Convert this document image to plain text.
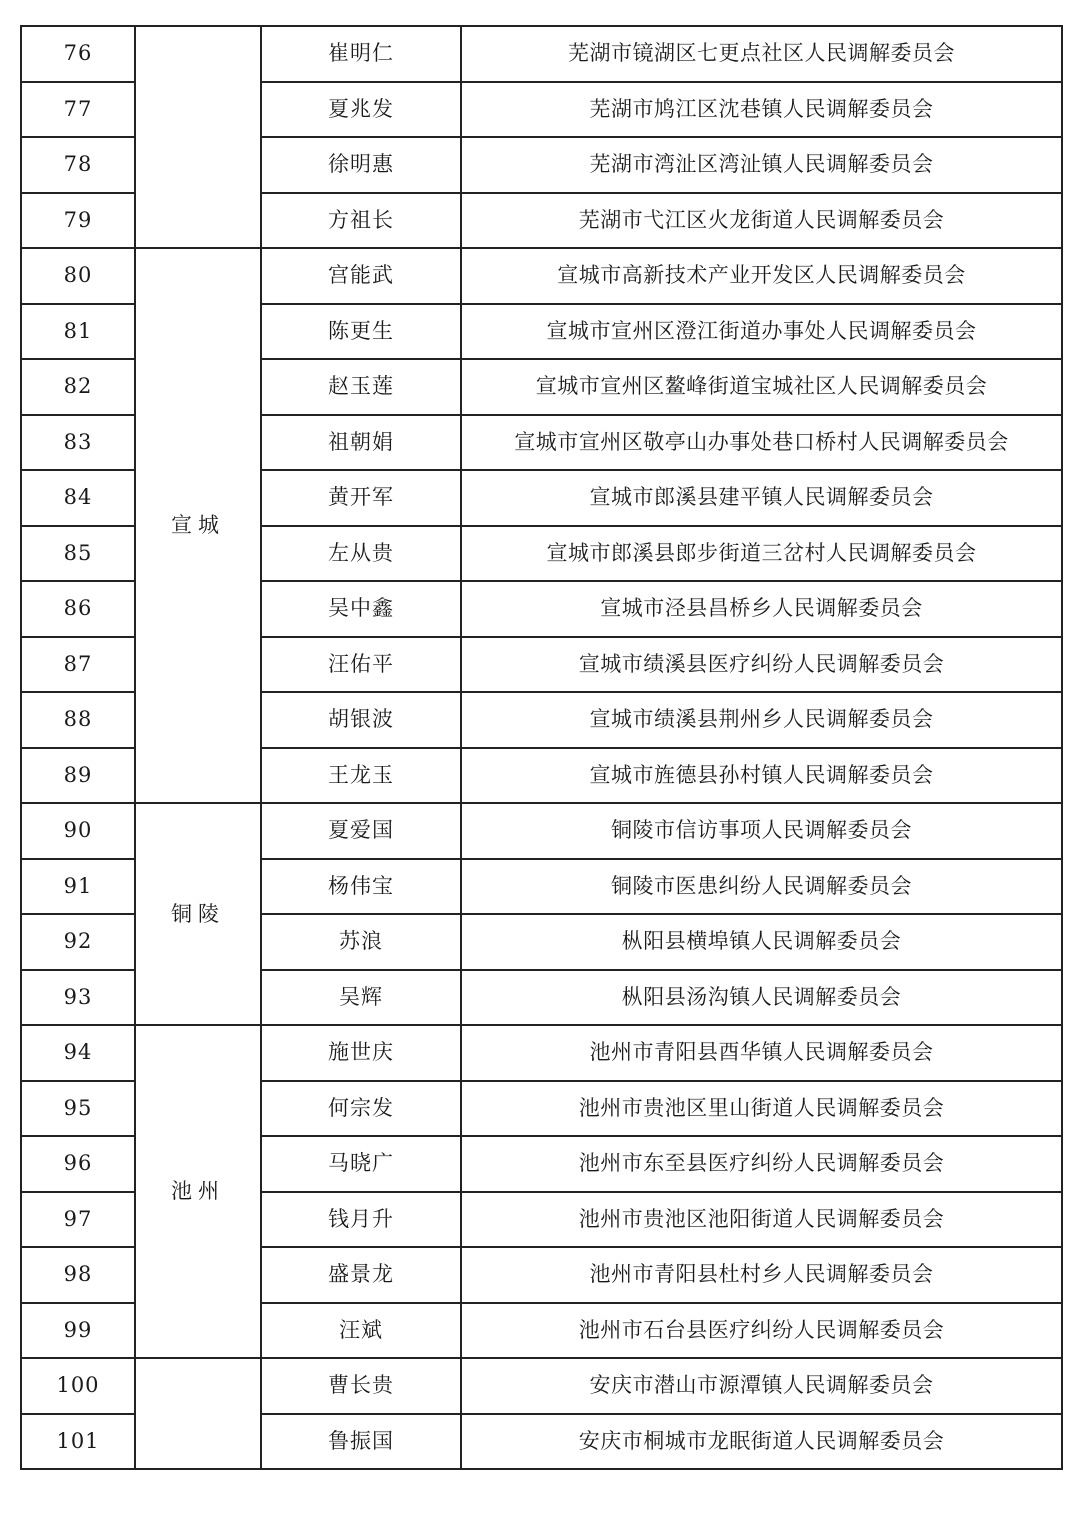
76		崔明仁	芜湖市镜湖区七更点社区人民调解委员会
77		夏兆发	芜湖市鸠江区沈巷镇人民调解委员会
78		徐明惠	芜湖市湾沚区湾沚镇人民调解委员会
79		方祖长	芜湖市弋江区火龙街道人民调解委员会
80	宣城	宫能武	宣城市高新技术产业开发区人民调解委员会
81		陈更生	宣城市宣州区澄江街道办事处人民调解委员会
82		赵玉莲	宣城市宣州区鳌峰街道宝城社区人民调解委员会
83		祖朝娟	宣城市宣州区敬亭山办事处巷口桥村人民调解委员会
84		黄开军	宣城市郎溪县建平镇人民调解委员会
85		左从贵	宣城市郎溪县郎步街道三岔村人民调解委员会
86		吴中鑫	宣城市泾县昌桥乡人民调解委员会
87		汪佑平	宣城市绩溪县医疗纠纷人民调解委员会
88		胡银波	宣城市绩溪县荆州乡人民调解委员会
89		王龙玉	宣城市旌德县孙村镇人民调解委员会
90	铜陵	夏爱国	铜陵市信访事项人民调解委员会
91		杨伟宝	铜陵市医患纠纷人民调解委员会
92		苏浪	枞阳县横埠镇人民调解委员会
93		吴辉	枞阳县汤沟镇人民调解委员会
94	池州	施世庆	池州市青阳县酉华镇人民调解委员会
95		何宗发	池州市贵池区里山街道人民调解委员会
96		马晓广	池州市东至县医疗纠纷人民调解委员会
97		钱月升	池州市贵池区池阳街道人民调解委员会
98		盛景龙	池州市青阳县杜村乡人民调解委员会
99		汪斌	池州市石台县医疗纠纷人民调解委员会
100		曹长贵	安庆市潜山市源潭镇人民调解委员会
101		鲁振国	安庆市桐城市龙眠街道人民调解委员会
